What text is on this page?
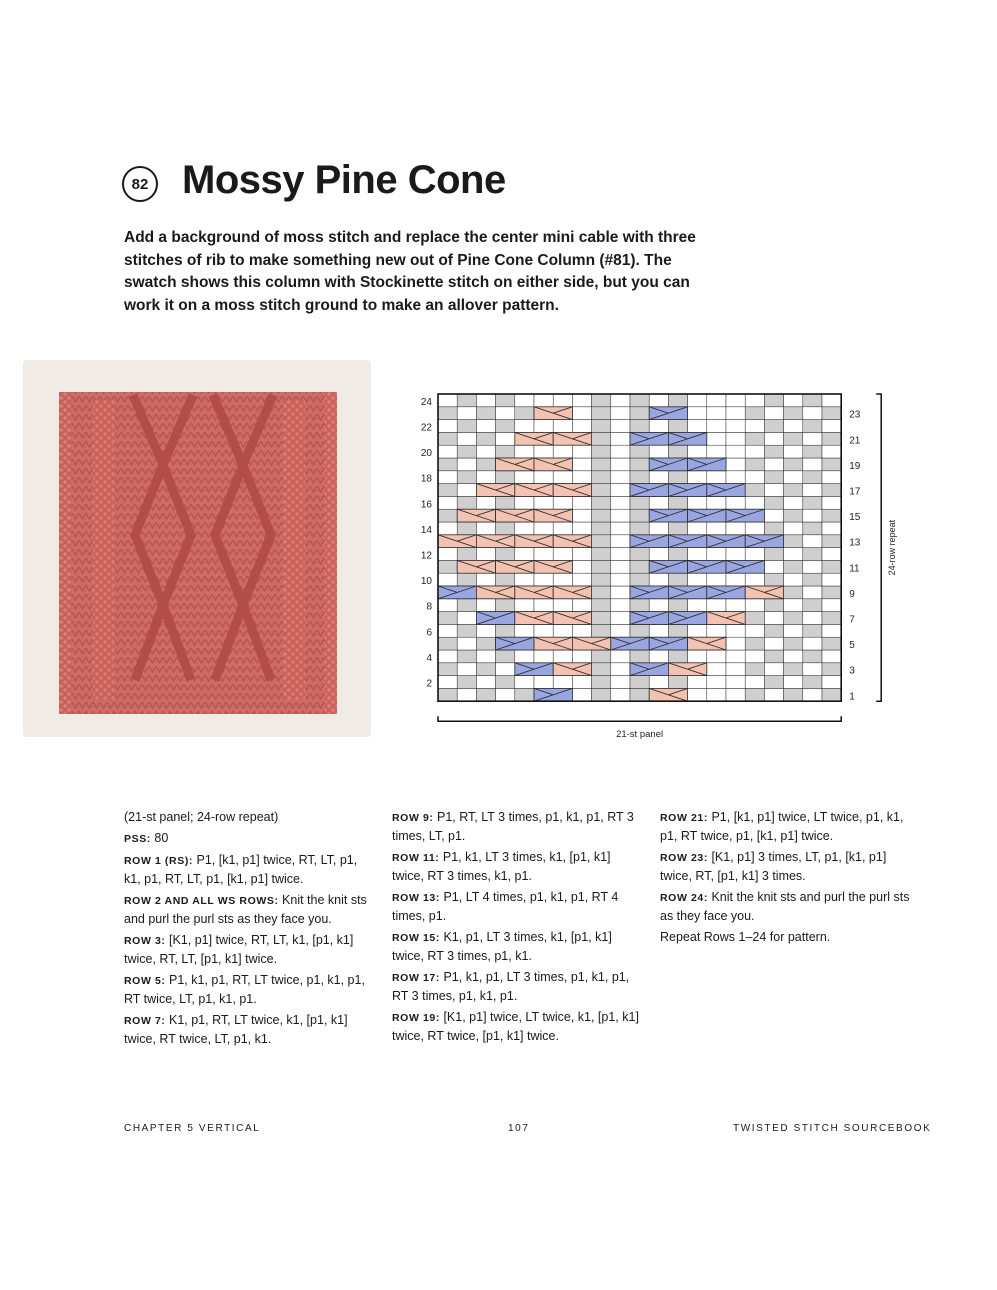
82 Mossy Pine Cone

Add a background of moss stitch and replace the center mini cable with three stitches of rib to make something new out of Pine Cone Column (#81). The swatch shows this column with Stockinette stitch on either side, but you can work it on a moss stitch ground to make an allover pattern.

24
22
20
18
16
14
12
10
8
6
4
2
23
21
19
17
15
13
11
9
7
5
3
1
24-row repeat
21-st panel

(21-st panel; 24-row repeat)

PSS: 80

ROW 1 (RS): P1, [k1, p1] twice, RT, LT, p1, k1, p1, RT, LT, p1, [k1, p1] twice.

ROW 2 AND ALL WS ROWS: Knit the knit sts and purl the purl sts as they face you.

ROW 3: [K1, p1] twice, RT, LT, k1, [p1, k1] twice, RT, LT, [p1, k1] twice.

ROW 5: P1, k1, p1, RT, LT twice, p1, k1, p1, RT twice, LT, p1, k1, p1.

ROW 7: K1, p1, RT, LT twice, k1, [p1, k1] twice, RT twice, LT, p1, k1.

ROW 9: P1, RT, LT 3 times, p1, k1, p1, RT 3 times, LT, p1.

ROW 11: P1, k1, LT 3 times, k1, [p1, k1] twice, RT 3 times, k1, p1.

ROW 13: P1, LT 4 times, p1, k1, p1, RT 4 times, p1.

ROW 15: K1, p1, LT 3 times, k1, [p1, k1] twice, RT 3 times, p1, k1.

ROW 17: P1, k1, p1, LT 3 times, p1, k1, p1, RT 3 times, p1, k1, p1.

ROW 19: [K1, p1] twice, LT twice, k1, [p1, k1] twice, RT twice, [p1, k1] twice.

ROW 21: P1, [k1, p1] twice, LT twice, p1, k1, p1, RT twice, p1, [k1, p1] twice.

ROW 23: [K1, p1] 3 times, LT, p1, [k1, p1] twice, RT, [p1, k1] 3 times.

ROW 24: Knit the knit sts and purl the purl sts as they face you.

Repeat Rows 1–24 for pattern.

CHAPTER 5 VERTICAL	107	TWISTED STITCH SOURCEBOOK
